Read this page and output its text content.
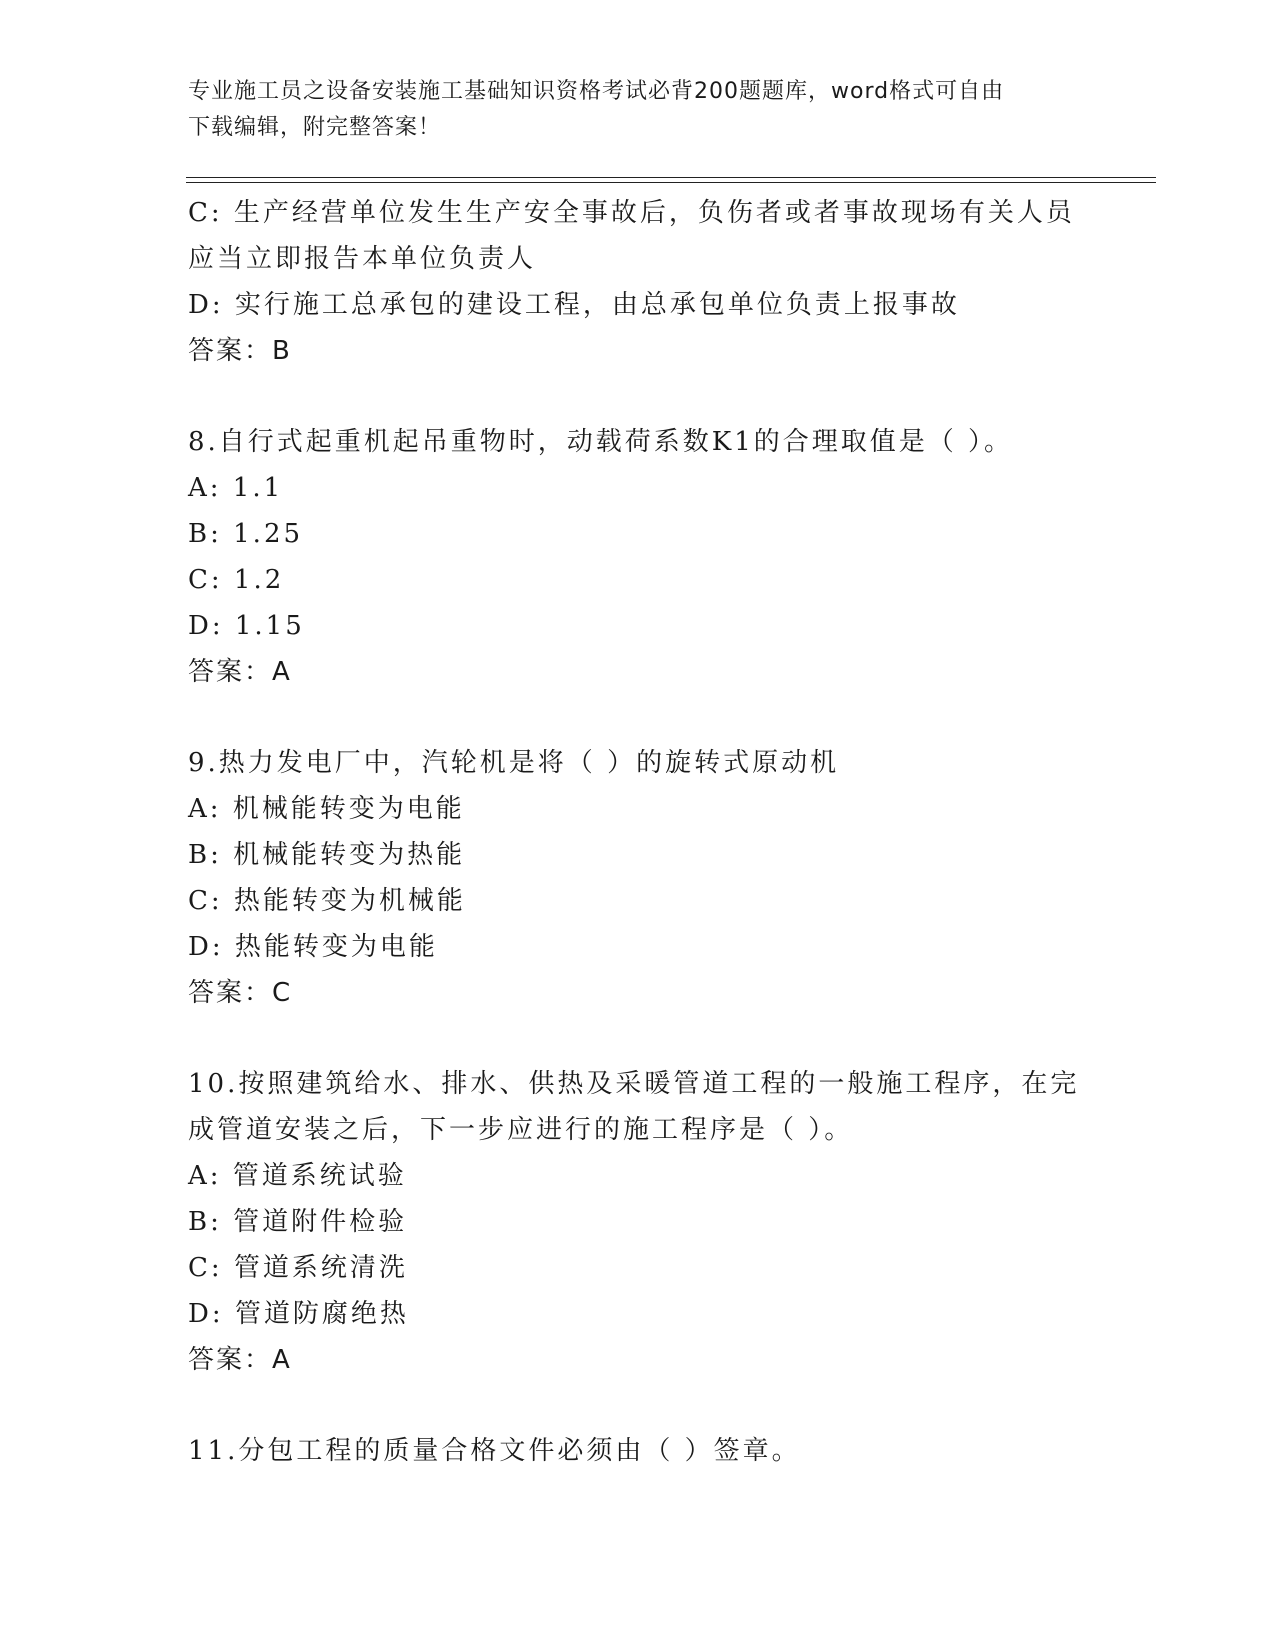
专业施工员之设备安装施工基础知识资格考试必背200题题库，word格式可自由
下载编辑，附完整答案！
C: 生产经营单位发生生产安全事故后，负伤者或者事故现场有关人员
应当立即报告本单位负责人
D: 实行施工总承包的建设工程，由总承包单位负责上报事故
答案：B
8.自行式起重机起吊重物时，动载荷系数K1的合理取值是（ ）。
A: 1.1
B: 1.25
C: 1.2
D: 1.15
答案：A
9.热力发电厂中，汽轮机是将（ ）的旋转式原动机
A: 机械能转变为电能
B: 机械能转变为热能
C: 热能转变为机械能
D: 热能转变为电能
答案：C
10.按照建筑给水、排水、供热及采暖管道工程的一般施工程序，在完
成管道安装之后，下一步应进行的施工程序是（ ）。
A: 管道系统试验
B: 管道附件检验
C: 管道系统清洗
D: 管道防腐绝热
答案：A
11.分包工程的质量合格文件必须由（ ）签章。
